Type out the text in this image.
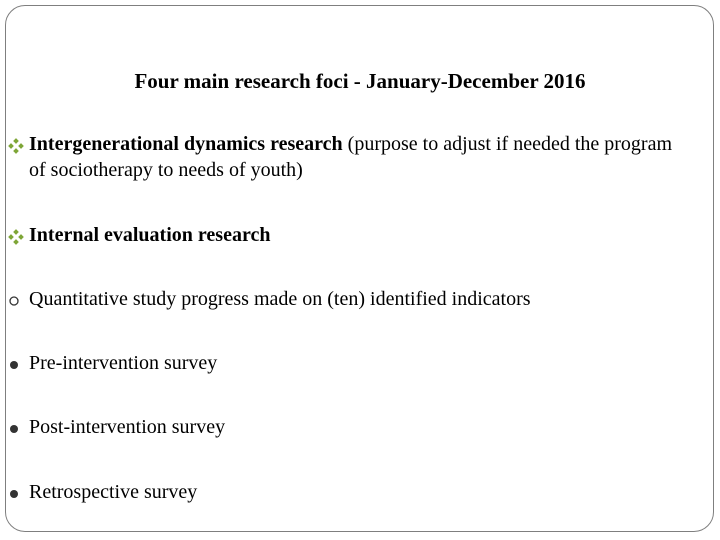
Four main research foci - January-December 2016
Intergenerational dynamics research (purpose to adjust if needed the program of sociotherapy to needs of youth)
Internal evaluation research
Quantitative study progress made on (ten) identified indicators
Pre-intervention survey
Post-intervention survey
Retrospective survey
